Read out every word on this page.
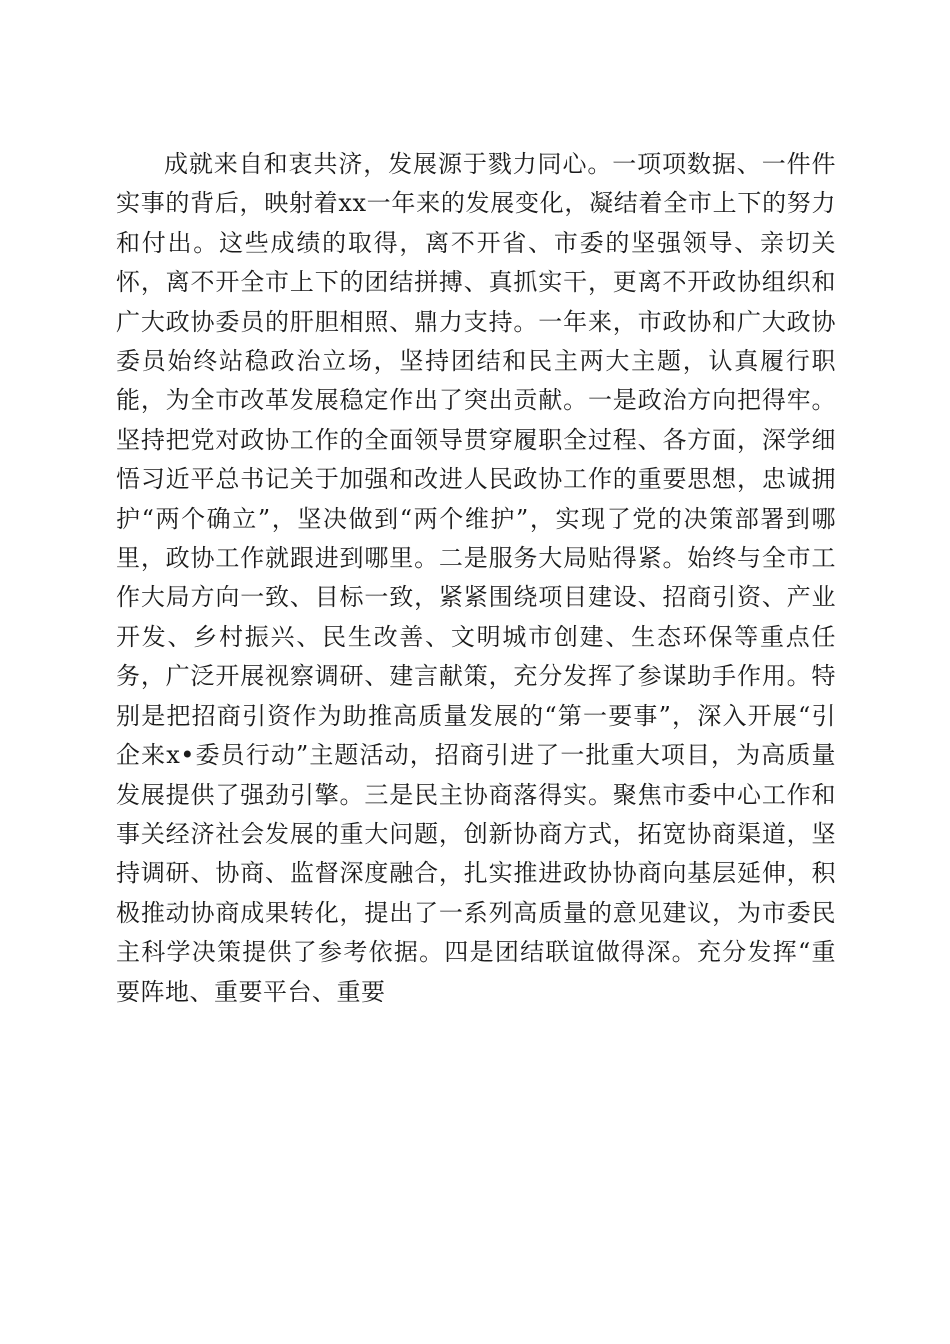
成就来自和衷共济，发展源于戮力同心。一项项数据、一件件实事的背后，映射着xx一年来的发展变化，凝结着全市上下的努力和付出。这些成绩的取得，离不开省、市委的坚强领导、亲切关怀，离不开全市上下的团结拼搏、真抓实干，更离不开政协组织和广大政协委员的肝胆相照、鼎力支持。一年来，市政协和广大政协委员始终站稳政治立场，坚持团结和民主两大主题，认真履行职能，为全市改革发展稳定作出了突出贡献。一是政治方向把得牢。坚持把党对政协工作的全面领导贯穿履职全过程、各方面，深学细悟习近平总书记关于加强和改进人民政协工作的重要思想，忠诚拥护“两个确立”，坚决做到“两个维护”，实现了党的决策部署到哪里，政协工作就跟进到哪里。二是服务大局贴得紧。始终与全市工作大局方向一致、目标一致，紧紧围绕项目建设、招商引资、产业开发、乡村振兴、民生改善、文明城市创建、生态环保等重点任务，广泛开展视察调研、建言献策，充分发挥了参谋助手作用。特别是把招商引资作为助推高质量发展的“第一要事”，深入开展“引企来x•委员行动”主题活动，招商引进了一批重大项目，为高质量发展提供了强劲引擎。三是民主协商落得实。聚焦市委中心工作和事关经济社会发展的重大问题，创新协商方式，拓宽协商渠道，坚持调研、协商、监督深度融合，扎实推进政协协商向基层延伸，积极推动协商成果转化，提出了一系列高质量的意见建议，为市委民主科学决策提供了参考依据。四是团结联谊做得深。充分发挥“重要阵地、重要平台、重要
